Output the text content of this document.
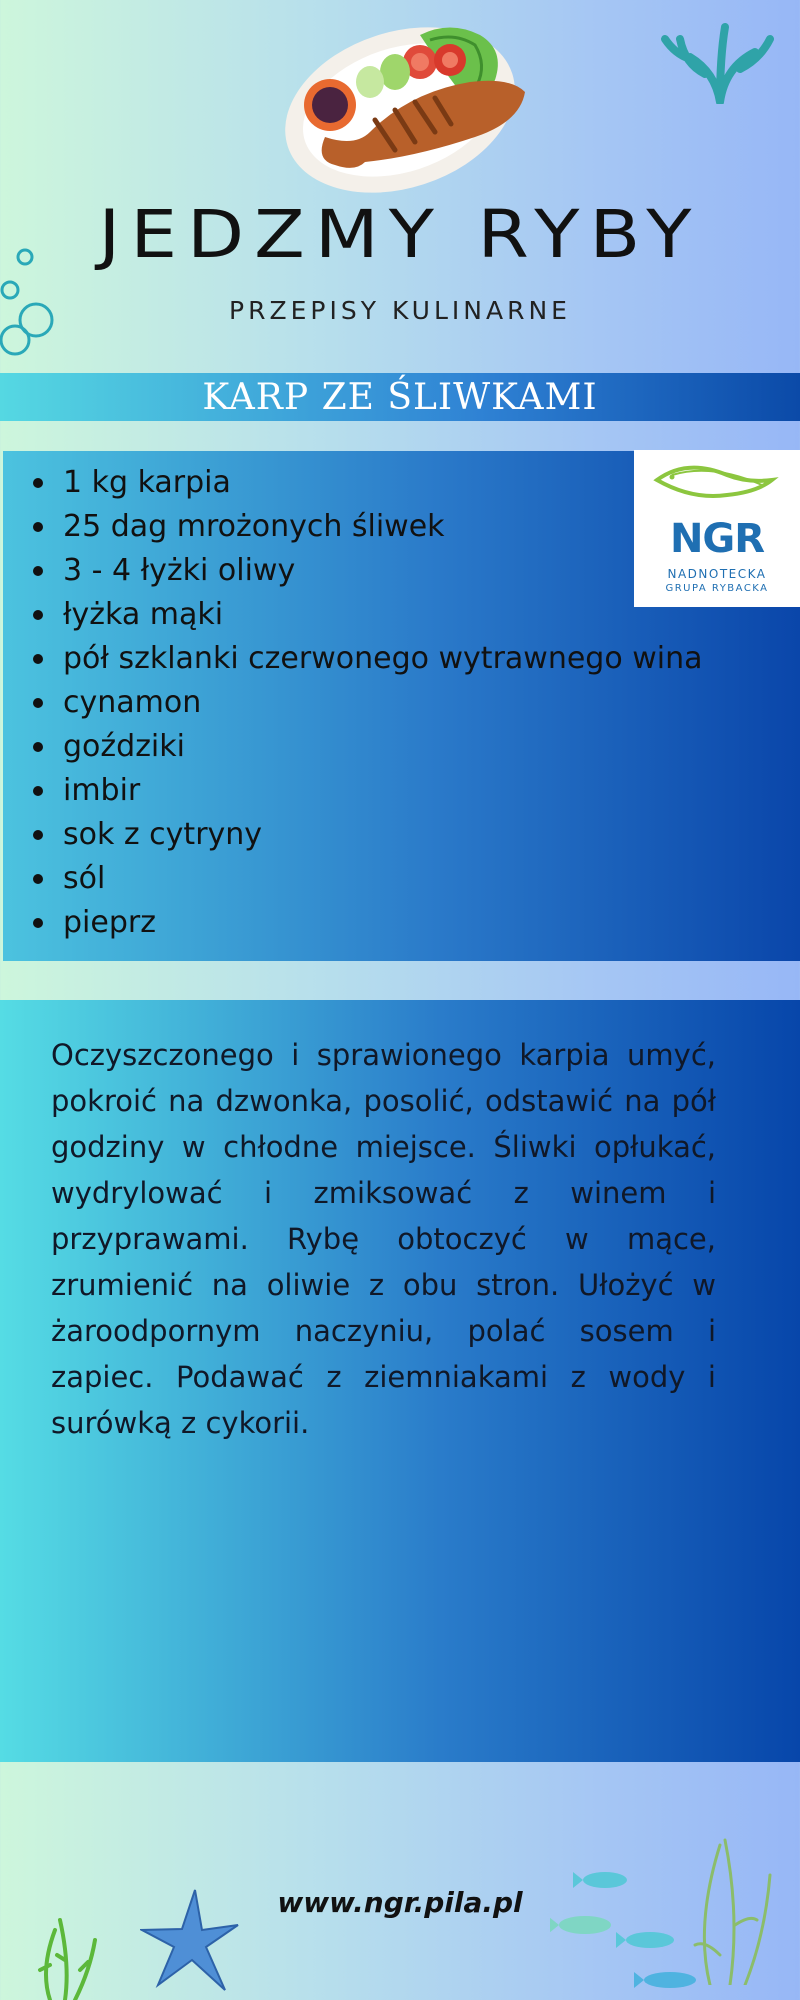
JEDZMY RYBY
PRZEPISY KULINARNE
KARP ZE ŚLIWKAMI
1 kg karpia
25 dag mrożonych śliwek
3 - 4 łyżki oliwy
łyżka mąki
pół szklanki czerwonego wytrawnego wina
cynamon
goździki
imbir
sok z cytryny
sól
pieprz
NGR
NADNOTECKA
GRUPA RYBACKA

Oczyszczonego i sprawionego karpia umyć, pokroić na dzwonka, posolić, odstawić na pół godziny w chłodne miejsce. Śliwki opłukać, wydrylować i zmiksować z winem i przyprawami. Rybę obtoczyć w mące, zrumienić na oliwie z obu stron. Ułożyć w żaroodpornym naczyniu, polać sosem i zapiec. Podawać z ziemniakami z wody i surówką z cykorii.

www.ngr.pila.pl
